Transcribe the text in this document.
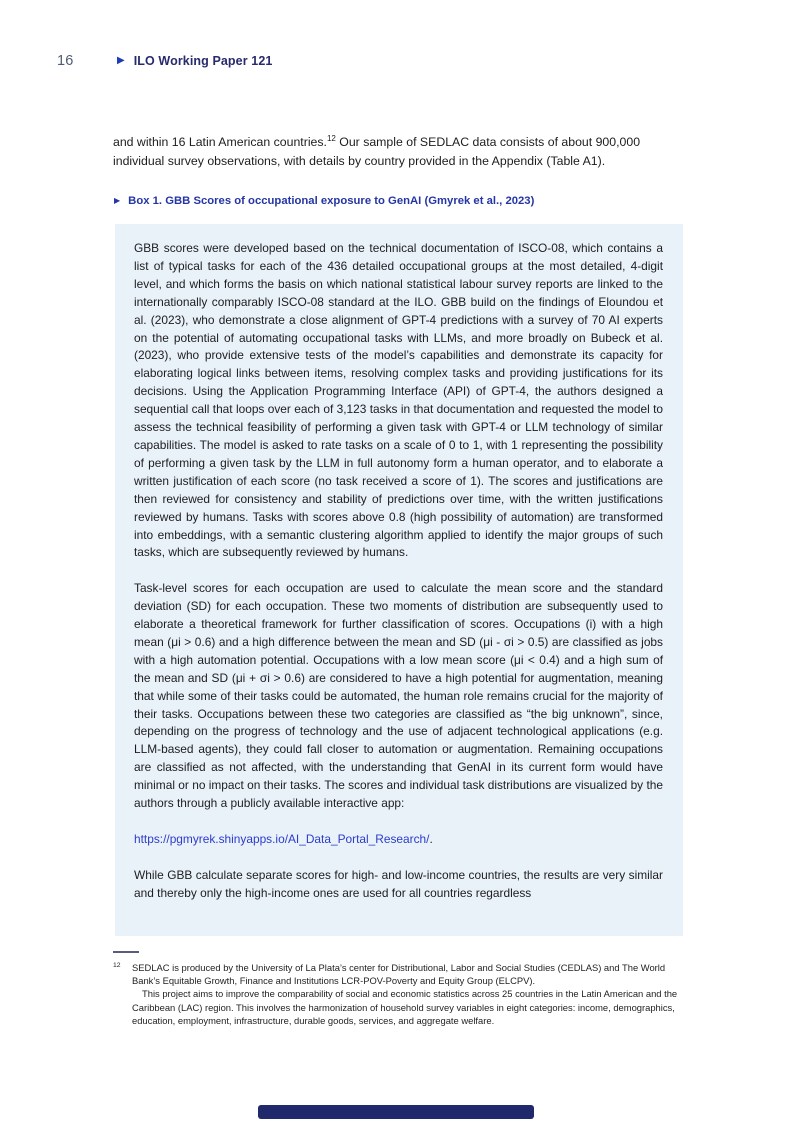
16	▶ ILO Working Paper 121

and within 16 Latin American countries.$^{12}$ Our sample of SEDLAC data consists of about 900,000 individual survey observations, with details by country provided in the Appendix (Table A1).

▶ Box 1. GBB Scores of occupational exposure to GenAI (Gmyrek et al., 2023)

GBB scores were developed based on the technical documentation of ISCO-08, which contains a list of typical tasks for each of the 436 detailed occupational groups at the most detailed, 4-digit level, and which forms the basis on which national statistical labour survey reports are linked to the internationally comparably ISCO-08 standard at the ILO. GBB build on the findings of Eloundou et al. (2023), who demonstrate a close alignment of GPT-4 predictions with a survey of 70 AI experts on the potential of automating occupational tasks with LLMs, and more broadly on Bubeck et al. (2023), who provide extensive tests of the model’s capabilities and demonstrate its capacity for elaborating logical links between items, resolving complex tasks and providing justifications for its decisions. Using the Application Programming Interface (API) of GPT-4, the authors designed a sequential call that loops over each of 3,123 tasks in that documentation and requested the model to assess the technical feasibility of performing a given task with GPT-4 or LLM technology of similar capabilities. The model is asked to rate tasks on a scale of 0 to 1, with 1 representing the possibility of performing a given task by the LLM in full autonomy form a human operator, and to elaborate a written justification of each score (no task received a score of 1). The scores and justifications are then reviewed for consistency and stability of predictions over time, with the written justifications reviewed by humans. Tasks with scores above 0.8 (high possibility of automation) are transformed into embeddings, with a semantic clustering algorithm applied to identify the major groups of such tasks, which are subsequently reviewed by humans.

Task-level scores for each occupation are used to calculate the mean score and the standard deviation (SD) for each occupation. These two moments of distribution are subsequently used to elaborate a theoretical framework for further classification of scores. Occupations (i) with a high mean (μi > 0.6) and a high difference between the mean and SD (μi - σi > 0.5) are classified as jobs with a high automation potential. Occupations with a low mean score (μi < 0.4) and a high sum of the mean and SD (μi + σi > 0.6) are considered to have a high potential for augmentation, meaning that while some of their tasks could be automated, the human role remains crucial for the majority of their tasks. Occupations between these two categories are classified as “the big unknown”, since, depending on the progress of technology and the use of adjacent technological applications (e.g. LLM-based agents), they could fall closer to automation or augmentation. Remaining occupations are classified as not affected, with the understanding that GenAI in its current form would have minimal or no impact on their tasks. The scores and individual task distributions are visualized by the authors through a publicly available interactive app:

https://pgmyrek.shinyapps.io/AI_Data_Portal_Research/.

While GBB calculate separate scores for high- and low-income countries, the results are very similar and thereby only the high-income ones are used for all countries regardless

12 SEDLAC is produced by the University of La Plata’s center for Distributional, Labor and Social Studies (CEDLAS) and The World Bank’s Equitable Growth, Finance and Institutions LCR-POV-Poverty and Equity Group (ELCPV).

This project aims to improve the comparability of social and economic statistics across 25 countries in the Latin American and the Caribbean (LAC) region. This involves the harmonization of household survey variables in eight categories: income, demographics, education, employment, infrastructure, durable goods, services, and aggregate welfare.
